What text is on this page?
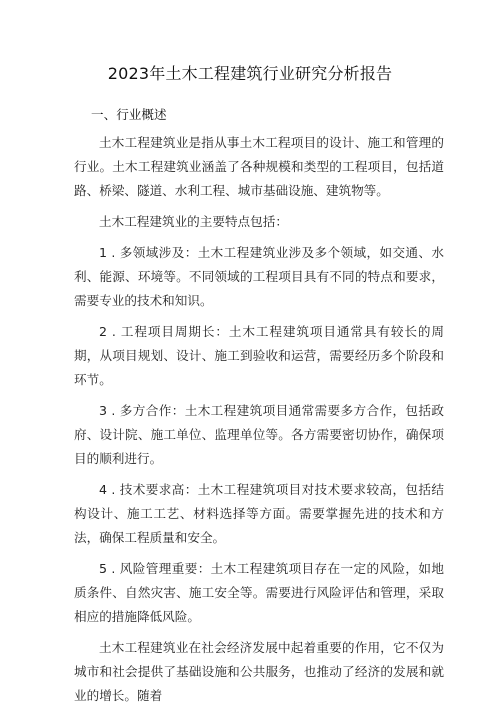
2023年土木工程建筑行业研究分析报告
一、行业概述

土木工程建筑业是指从事土木工程项目的设计、施工和管理的行业。土木工程建筑业涵盖了各种规模和类型的工程项目，包括道路、桥梁、隧道、水利工程、城市基础设施、建筑物等。

土木工程建筑业的主要特点包括：

1 . 多领域涉及：土木工程建筑业涉及多个领域，如交通、水利、能源、环境等。不同领域的工程项目具有不同的特点和要求，需要专业的技术和知识。

2 . 工程项目周期长：土木工程建筑项目通常具有较长的周期，从项目规划、设计、施工到验收和运营，需要经历多个阶段和环节。

3 . 多方合作：土木工程建筑项目通常需要多方合作，包括政府、设计院、施工单位、监理单位等。各方需要密切协作，确保项目的顺利进行。

4 . 技术要求高：土木工程建筑项目对技术要求较高，包括结构设计、施工工艺、材料选择等方面。需要掌握先进的技术和方法，确保工程质量和安全。

5 . 风险管理重要：土木工程建筑项目存在一定的风险，如地质条件、自然灾害、施工安全等。需要进行风险评估和管理，采取相应的措施降低风险。

土木工程建筑业在社会经济发展中起着重要的作用，它不仅为城市和社会提供了基础设施和公共服务，也推动了经济的发展和就业的增长。随着
